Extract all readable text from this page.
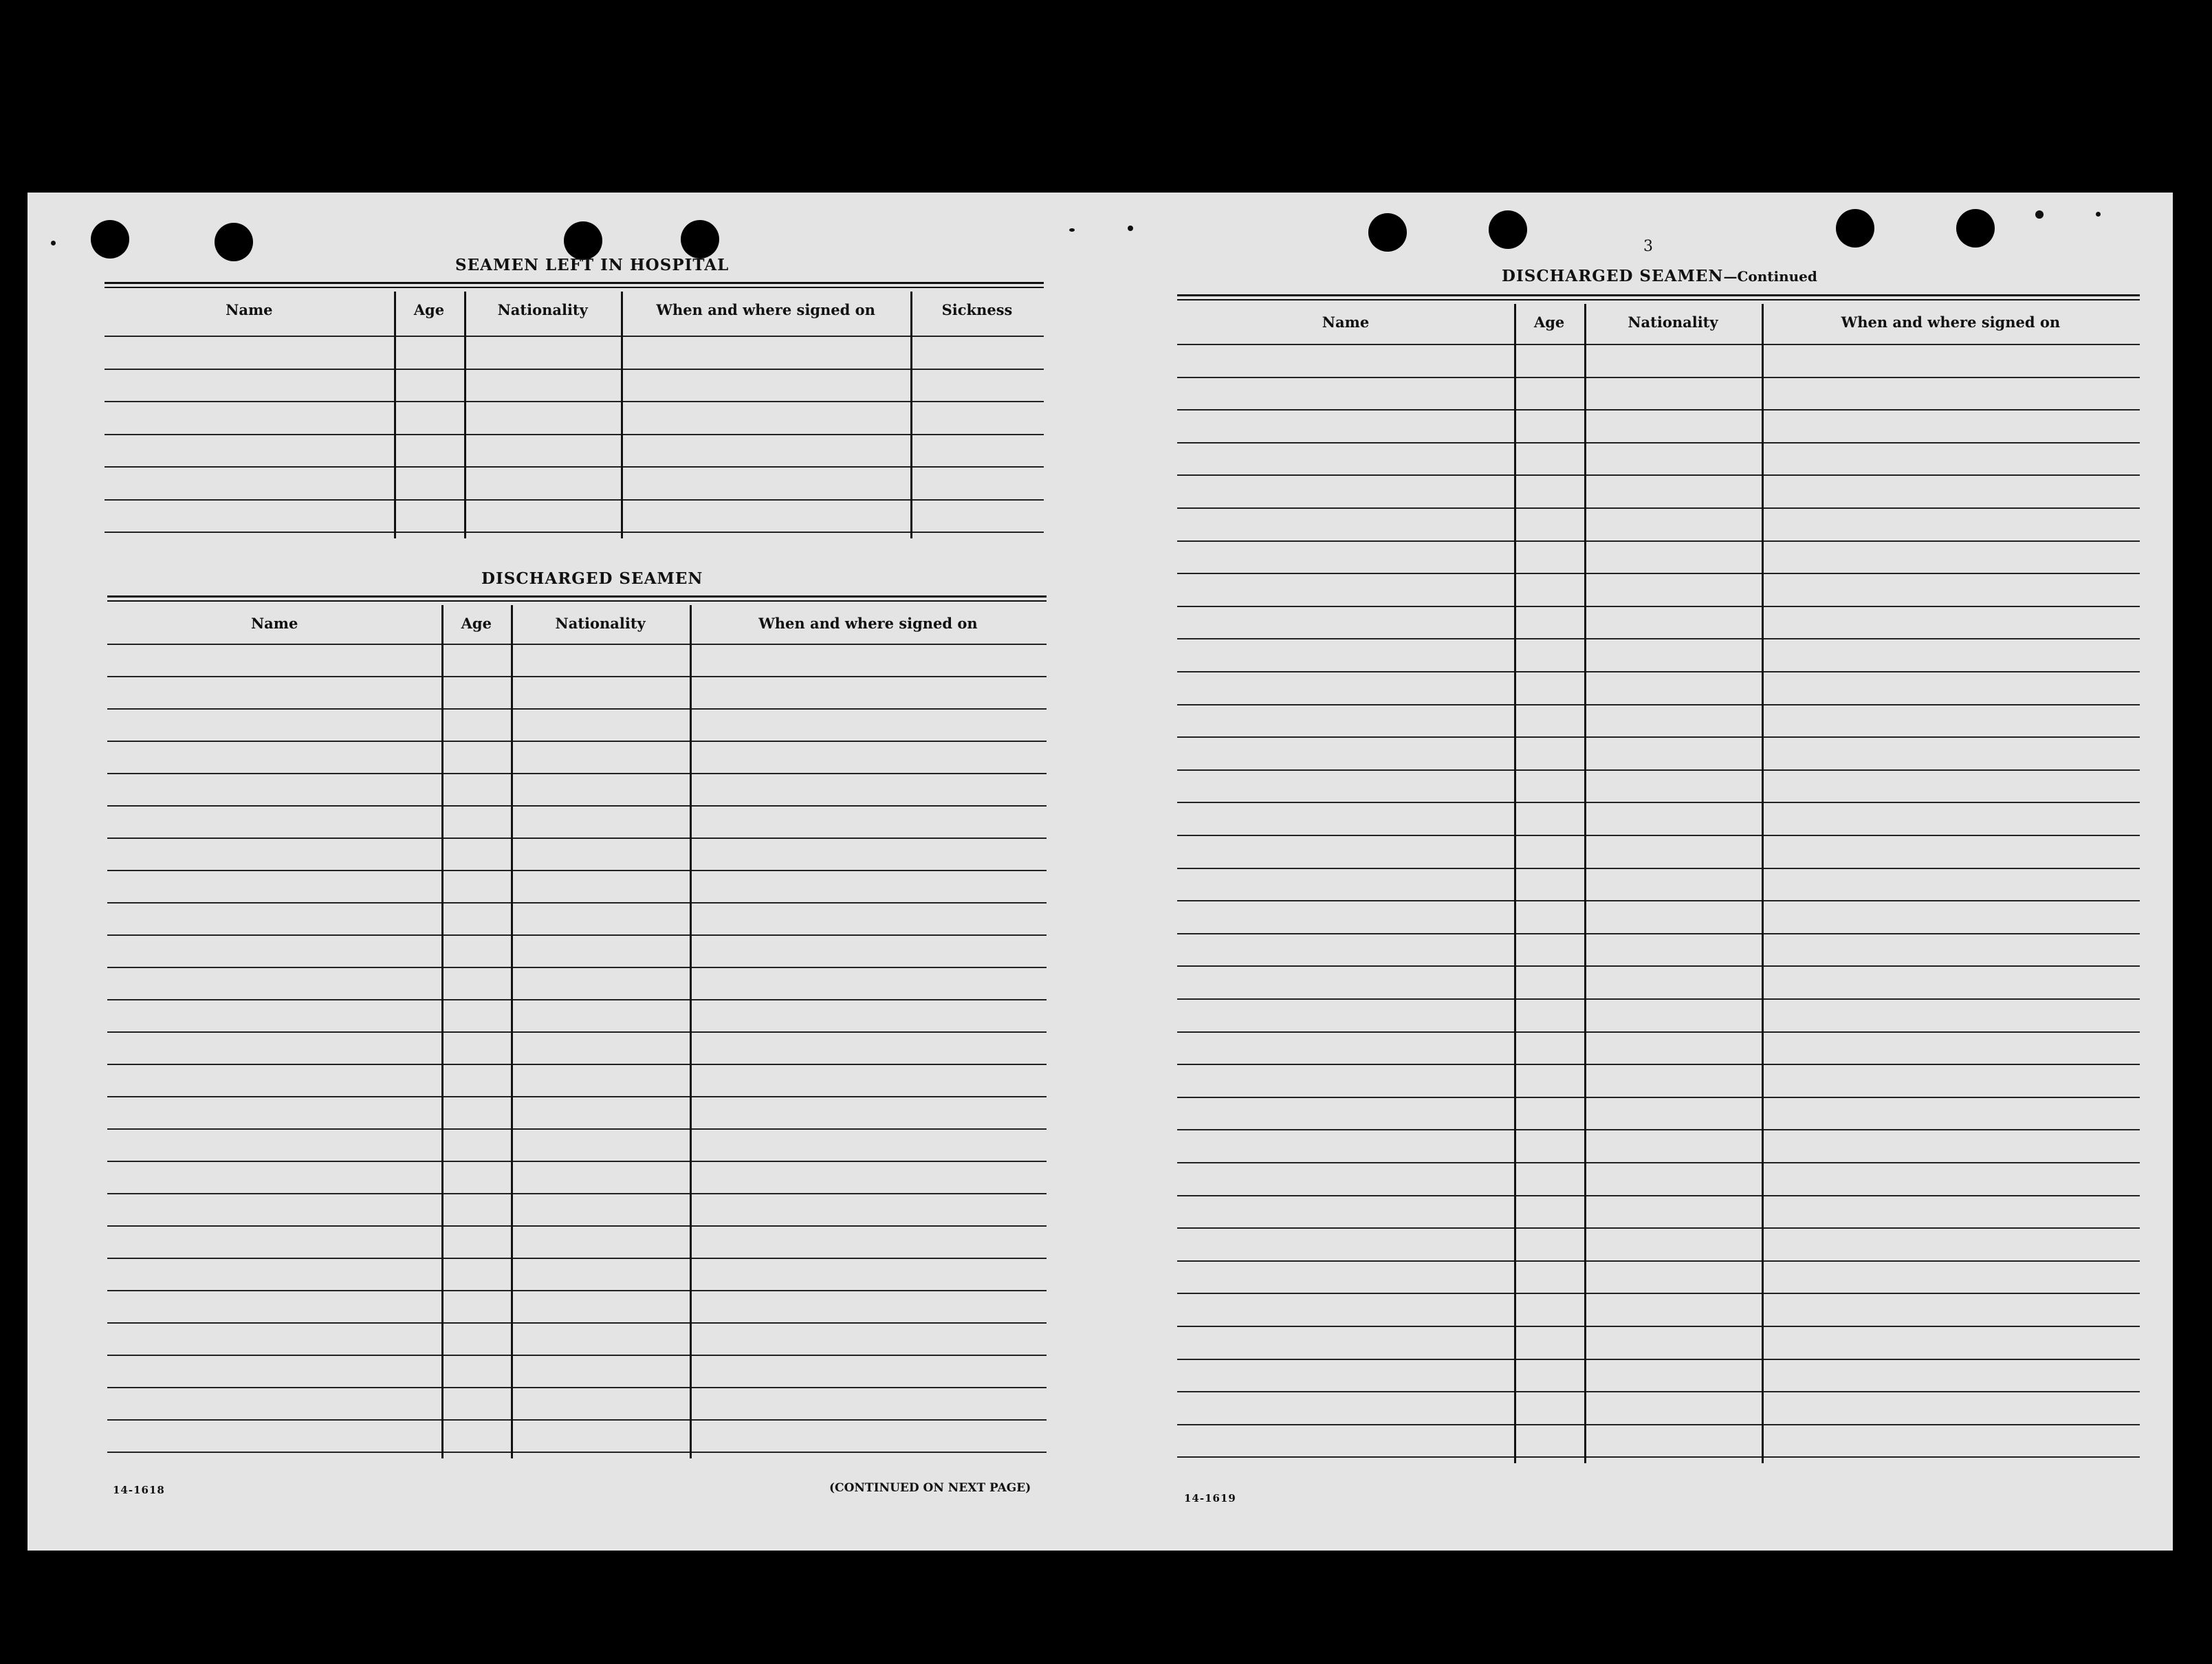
SEAMEN LEFT IN HOSPITAL
Name	Age	Nationality	When and where signed on	Sickness
DISCHARGED SEAMEN
Name	Age	Nationality	When and where signed on
14-1618	(CONTINUED ON NEXT PAGE)
3
DISCHARGED SEAMEN—Continued
Name	Age	Nationality	When and where signed on
14-1619
